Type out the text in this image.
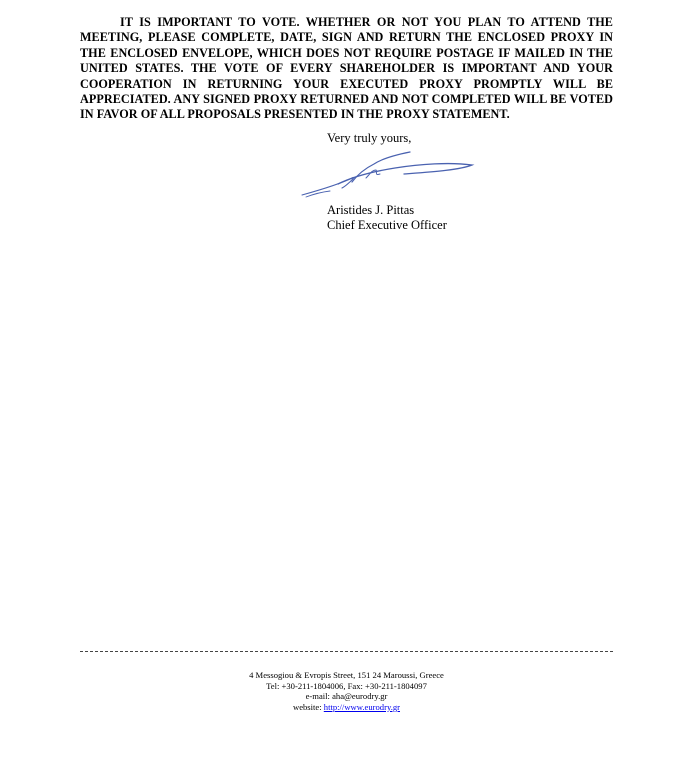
IT IS IMPORTANT TO VOTE. WHETHER OR NOT YOU PLAN TO ATTEND THE MEETING, PLEASE COMPLETE, DATE, SIGN AND RETURN THE ENCLOSED PROXY IN THE ENCLOSED ENVELOPE, WHICH DOES NOT REQUIRE POSTAGE IF MAILED IN THE UNITED STATES. THE VOTE OF EVERY SHAREHOLDER IS IMPORTANT AND YOUR COOPERATION IN RETURNING YOUR EXECUTED PROXY PROMPTLY WILL BE APPRECIATED. ANY SIGNED PROXY RETURNED AND NOT COMPLETED WILL BE VOTED IN FAVOR OF ALL PROPOSALS PRESENTED IN THE PROXY STATEMENT.

Very truly yours,
Aristides J. Pittas
Chief Executive Officer
4 Messogiou & Evropis Street, 151 24 Maroussi, Greece
Tel: +30-211-1804006, Fax: +30-211-1804097
e-mail: aha@eurodry.gr
website: http://www.eurodry.gr
